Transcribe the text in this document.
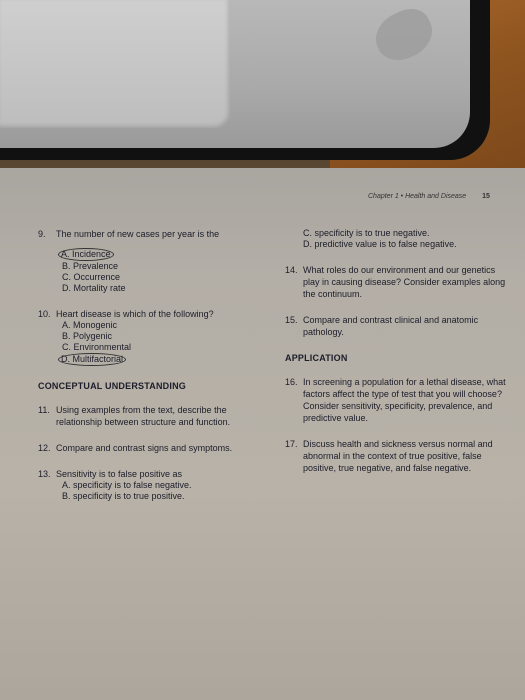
Chapter 1 • Health and Disease 15
9. The number of new cases per year is the
A. Incidence
B. Prevalence
C. Occurrence
D. Mortality rate
10. Heart disease is which of the following?
A. Monogenic
B. Polygenic
C. Environmental
D. Multifactorial
CONCEPTUAL UNDERSTANDING
11. Using examples from the text, describe the relationship between structure and function.
12. Compare and contrast signs and symptoms.
13. Sensitivity is to false positive as
A. specificity is to false negative.
B. specificity is to true positive.
C. specificity is to true negative.
D. predictive value is to false negative.
14. What roles do our environment and our genetics play in causing disease? Consider examples along the continuum.
15. Compare and contrast clinical and anatomic pathology.
APPLICATION
16. In screening a population for a lethal disease, what factors affect the type of test that you will choose? Consider sensitivity, specificity, prevalence, and predictive value.
17. Discuss health and sickness versus normal and abnormal in the context of true positive, false positive, true negative, and false negative.
